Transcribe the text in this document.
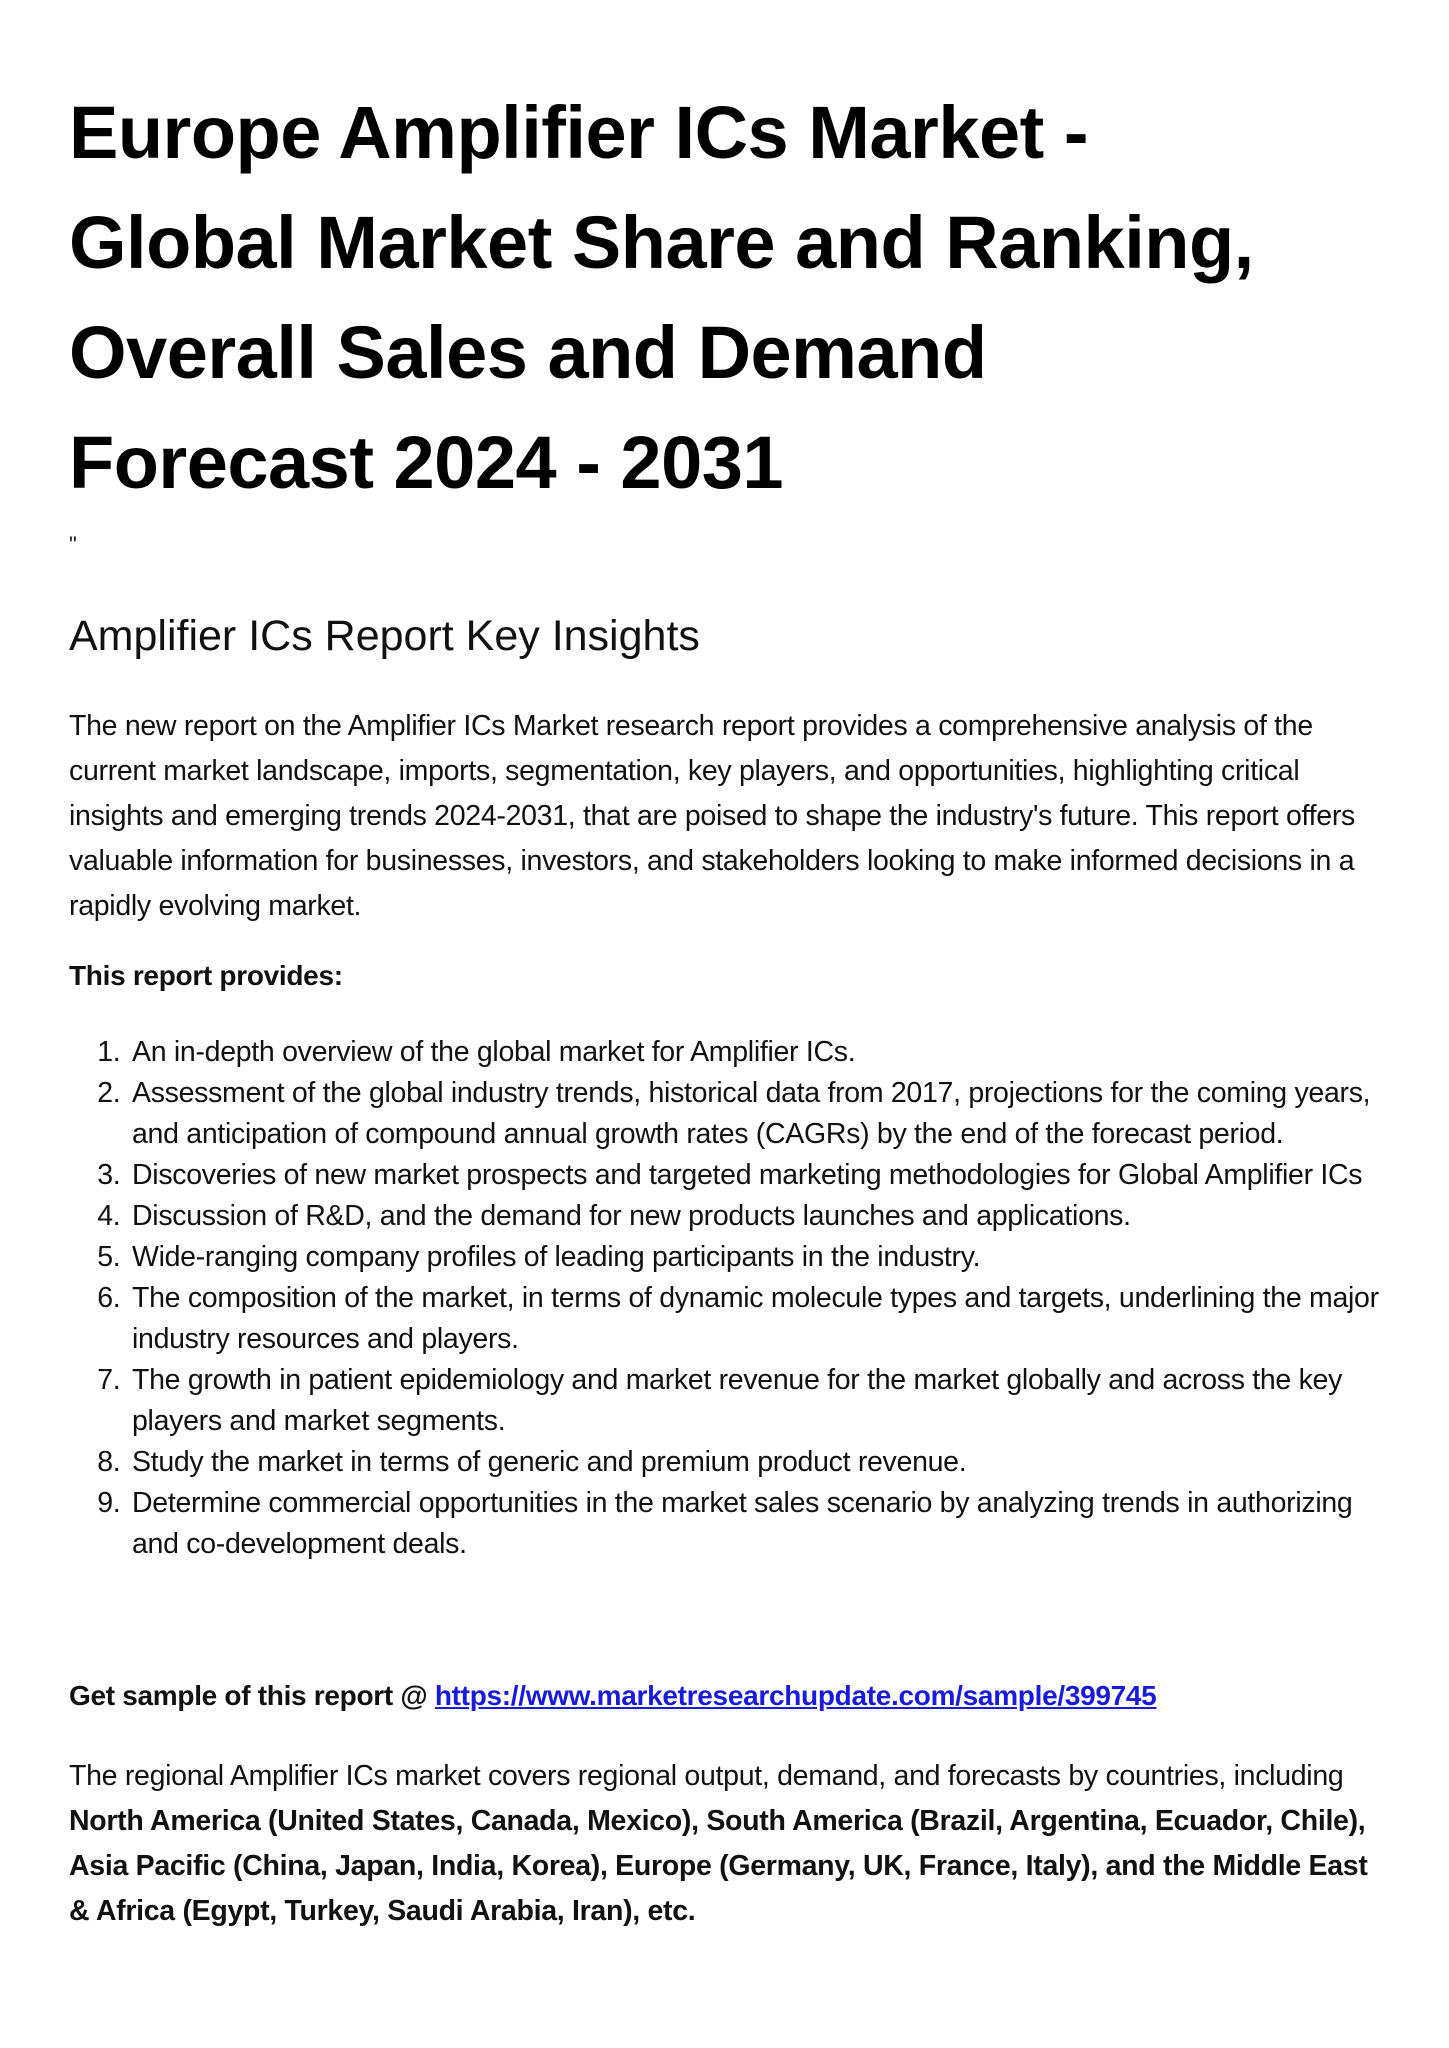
Europe Amplifier ICs Market -
Global Market Share and Ranking,
Overall Sales and Demand
Forecast 2024 - 2031
"
Amplifier ICs Report Key Insights

The new report on the Amplifier ICs Market research report provides a comprehensive analysis of the current market landscape, imports, segmentation, key players, and opportunities, highlighting critical insights and emerging trends 2024-2031, that are poised to shape the industry's future. This report offers valuable information for businesses, investors, and stakeholders looking to make informed decisions in a rapidly evolving market.

This report provides:

1. An in-depth overview of the global market for Amplifier ICs.
2. Assessment of the global industry trends, historical data from 2017, projections for the coming years, and anticipation of compound annual growth rates (CAGRs) by the end of the forecast period.
3. Discoveries of new market prospects and targeted marketing methodologies for Global Amplifier ICs
4. Discussion of R&D, and the demand for new products launches and applications.
5. Wide-ranging company profiles of leading participants in the industry.
6. The composition of the market, in terms of dynamic molecule types and targets, underlining the major industry resources and players.
7. The growth in patient epidemiology and market revenue for the market globally and across the key players and market segments.
8. Study the market in terms of generic and premium product revenue.
9. Determine commercial opportunities in the market sales scenario by analyzing trends in authorizing and co-development deals.

Get sample of this report @ https://www.marketresearchupdate.com/sample/399745

The regional Amplifier ICs market covers regional output, demand, and forecasts by countries, including North America (United States, Canada, Mexico), South America (Brazil, Argentina, Ecuador, Chile), Asia Pacific (China, Japan, India, Korea), Europe (Germany, UK, France, Italy), and the Middle East & Africa (Egypt, Turkey, Saudi Arabia, Iran), etc.
